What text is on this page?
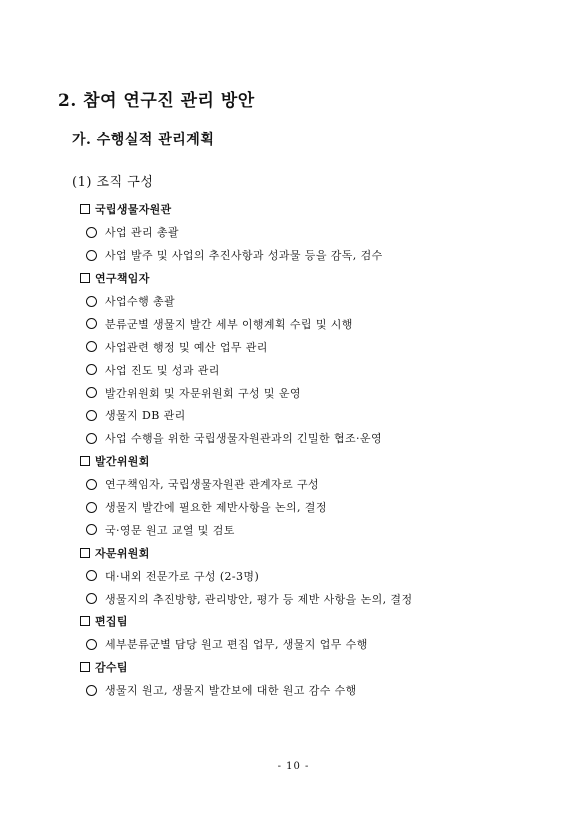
2. 참여 연구진 관리 방안
가. 수행실적 관리계획
(1) 조직 구성
국립생물자원관
사업 관리 총괄
사업 발주 및 사업의 추진사항과 성과물 등을 감독, 검수
연구책임자
사업수행 총괄
분류군별 생물지 발간 세부 이행계획 수립 및 시행
사업관련 행정 및 예산 업무 관리
사업 진도 및 성과 관리
발간위원회 및 자문위원회 구성 및 운영
생물지 DB 관리
사업 수행을 위한 국립생물자원관과의 긴밀한 협조·운영
발간위원회
연구책임자, 국립생물자원관 관계자로 구성
생물지 발간에 필요한 제반사항을 논의, 결정
국·영문 원고 교열 및 검토
자문위원회
대·내외 전문가로 구성 (2-3명)
생물지의 추진방향, 관리방안, 평가 등 제반 사항을 논의, 결정
편집팀
세부분류군별 담당 원고 편집 업무, 생물지 업무 수행
감수팀
생물지 원고, 생물지 발간보에 대한 원고 감수 수행
- 10 -
